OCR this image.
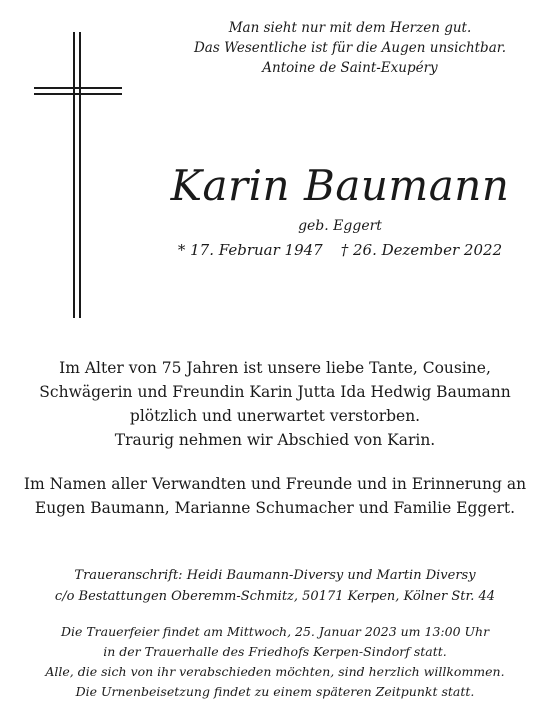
Man sieht nur mit dem Herzen gut.
Das Wesentliche ist für die Augen unsichtbar.
Antoine de Saint-Exupéry
Karin Baumann
geb. Eggert
* 17. Februar 1947 † 26. Dezember 2022
Im Alter von 75 Jahren ist unsere liebe Tante, Cousine,
Schwägerin und Freundin Karin Jutta Ida Hedwig Baumann
plötzlich und unerwartet verstorben.
Traurig nehmen wir Abschied von Karin.
Im Namen aller Verwandten und Freunde und in Erinnerung an
Eugen Baumann, Marianne Schumacher und Familie Eggert.
Traueranschrift: Heidi Baumann-Diversy und Martin Diversy
c/o Bestattungen Oberemm-Schmitz, 50171 Kerpen, Kölner Str. 44
Die Trauerfeier findet am Mittwoch, 25. Januar 2023 um 13:00 Uhr
in der Trauerhalle des Friedhofs Kerpen-Sindorf statt.
Alle, die sich von ihr verabschieden möchten, sind herzlich willkommen.
Die Urnenbeisetzung findet zu einem späteren Zeitpunkt statt.
